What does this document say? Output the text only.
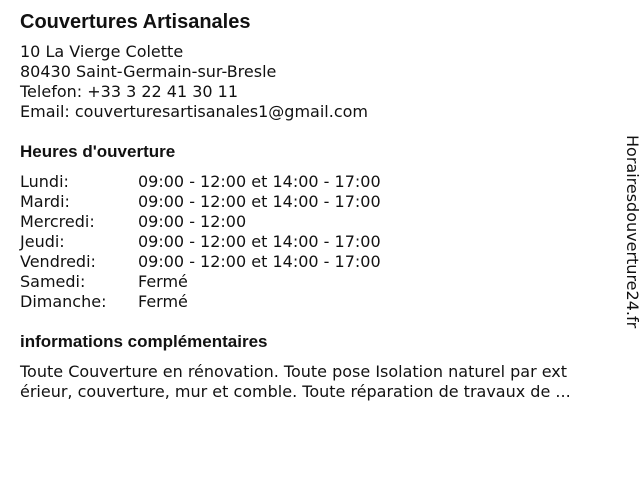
Couvertures Artisanales
10 La Vierge Colette
80430 Saint-Germain-sur-Bresle
Telefon: +33 3 22 41 30 11
Email: couverturesartisanales1@gmail.com
Heures d'ouverture
Lundi:	09:00 - 12:00 et 14:00 - 17:00
Mardi:	09:00 - 12:00 et 14:00 - 17:00
Mercredi:	09:00 - 12:00
Jeudi:	09:00 - 12:00 et 14:00 - 17:00
Vendredi:	09:00 - 12:00 et 14:00 - 17:00
Samedi:	Fermé
Dimanche:	Fermé
informations complémentaires
Toute Couverture en rénovation. Toute pose Isolation naturel par ext érieur, couverture, mur et comble. Toute réparation de travaux de ...
Horairesdouverture24.fr
